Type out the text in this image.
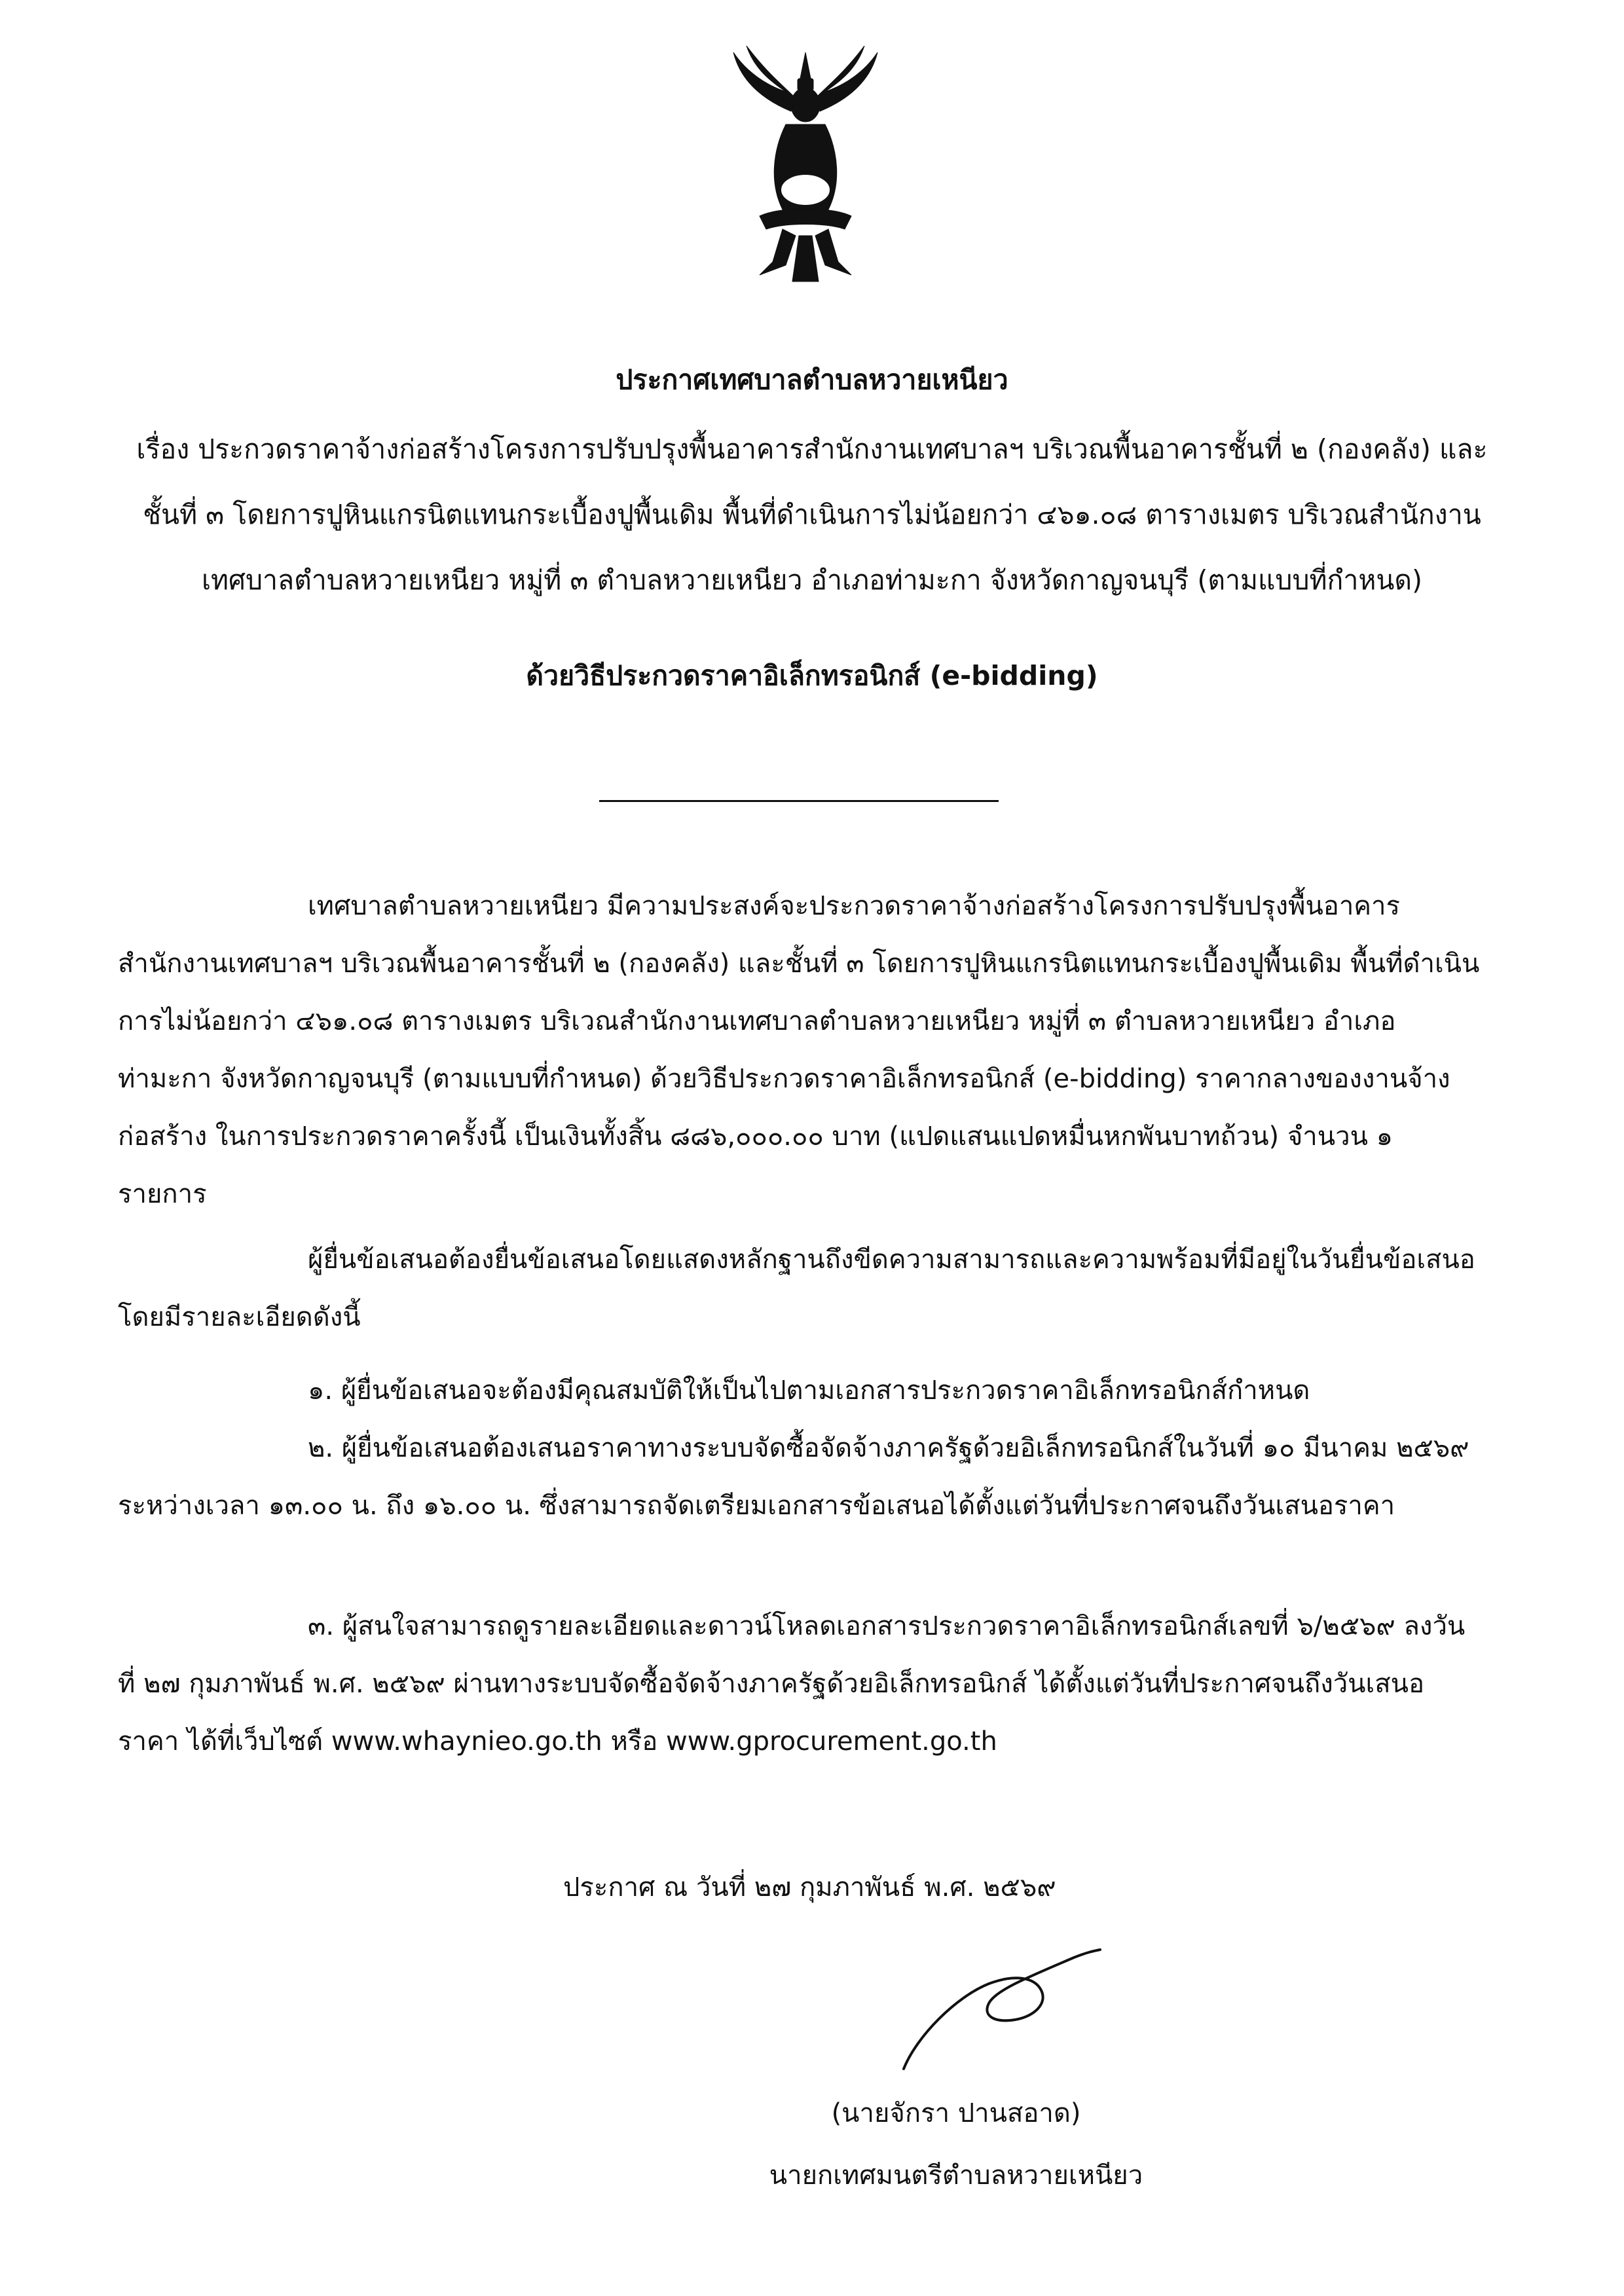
ประกาศเทศบาลตำบลหวายเหนียว
เรื่อง ประกวดราคาจ้างก่อสร้างโครงการปรับปรุงพื้นอาคารสำนักงานเทศบาลฯ บริเวณพื้นอาคารชั้นที่ ๒ (กองคลัง) และชั้นที่ ๓ โดยการปูหินแกรนิตแทนกระเบื้องปูพื้นเดิม พื้นที่ดำเนินการไม่น้อยกว่า ๔๖๑.๐๘ ตารางเมตร บริเวณสำนักงานเทศบาลตำบลหวายเหนียว หมู่ที่ ๓ ตำบลหวายเหนียว อำเภอท่ามะกา จังหวัดกาญจนบุรี (ตามแบบที่กำหนด)
ด้วยวิธีประกวดราคาอิเล็กทรอนิกส์ (e-bidding)

เทศบาลตำบลหวายเหนียว มีความประสงค์จะประกวดราคาจ้างก่อสร้างโครงการปรับปรุงพื้นอาคารสำนักงานเทศบาลฯ บริเวณพื้นอาคารชั้นที่ ๒ (กองคลัง) และชั้นที่ ๓ โดยการปูหินแกรนิตแทนกระเบื้องปูพื้นเดิม พื้นที่ดำเนินการไม่น้อยกว่า ๔๖๑.๐๘ ตารางเมตร บริเวณสำนักงานเทศบาลตำบลหวายเหนียว หมู่ที่ ๓ ตำบลหวายเหนียว อำเภอท่ามะกา จังหวัดกาญจนบุรี (ตามแบบที่กำหนด) ด้วยวิธีประกวดราคาอิเล็กทรอนิกส์ (e-bidding) ราคากลางของงานจ้างก่อสร้าง ในการประกวดราคาครั้งนี้ เป็นเงินทั้งสิ้น ๘๘๖,๐๐๐.๐๐ บาท (แปดแสนแปดหมื่นหกพันบาทถ้วน) จำนวน ๑ รายการ

ผู้ยื่นข้อเสนอต้องยื่นข้อเสนอโดยแสดงหลักฐานถึงขีดความสามารถและความพร้อมที่มีอยู่ในวันยื่นข้อเสนอ โดยมีรายละเอียดดังนี้

๑. ผู้ยื่นข้อเสนอจะต้องมีคุณสมบัติให้เป็นไปตามเอกสารประกวดราคาอิเล็กทรอนิกส์กำหนด

๒. ผู้ยื่นข้อเสนอต้องเสนอราคาทางระบบจัดซื้อจัดจ้างภาครัฐด้วยอิเล็กทรอนิกส์ในวันที่ ๑๐ มีนาคม ๒๕๖๙ ระหว่างเวลา ๑๓.๐๐ น. ถึง ๑๖.๐๐ น. ซึ่งสามารถจัดเตรียมเอกสารข้อเสนอได้ตั้งแต่วันที่ประกาศจนถึงวันเสนอราคา

๓. ผู้สนใจสามารถดูรายละเอียดและดาวน์โหลดเอกสารประกวดราคาอิเล็กทรอนิกส์เลขที่ ๖/๒๕๖๙ ลงวันที่ ๒๗ กุมภาพันธ์ พ.ศ. ๒๕๖๙ ผ่านทางระบบจัดซื้อจัดจ้างภาครัฐด้วยอิเล็กทรอนิกส์ ได้ตั้งแต่วันที่ประกาศจนถึงวันเสนอราคา ได้ที่เว็บไซต์ www.whaynieo.go.th หรือ www.gprocurement.go.th

ประกาศ ณ วันที่ ๒๗ กุมภาพันธ์ พ.ศ. ๒๕๖๙
(นายจักรา ปานสอาด)
นายกเทศมนตรีตำบลหวายเหนียว
